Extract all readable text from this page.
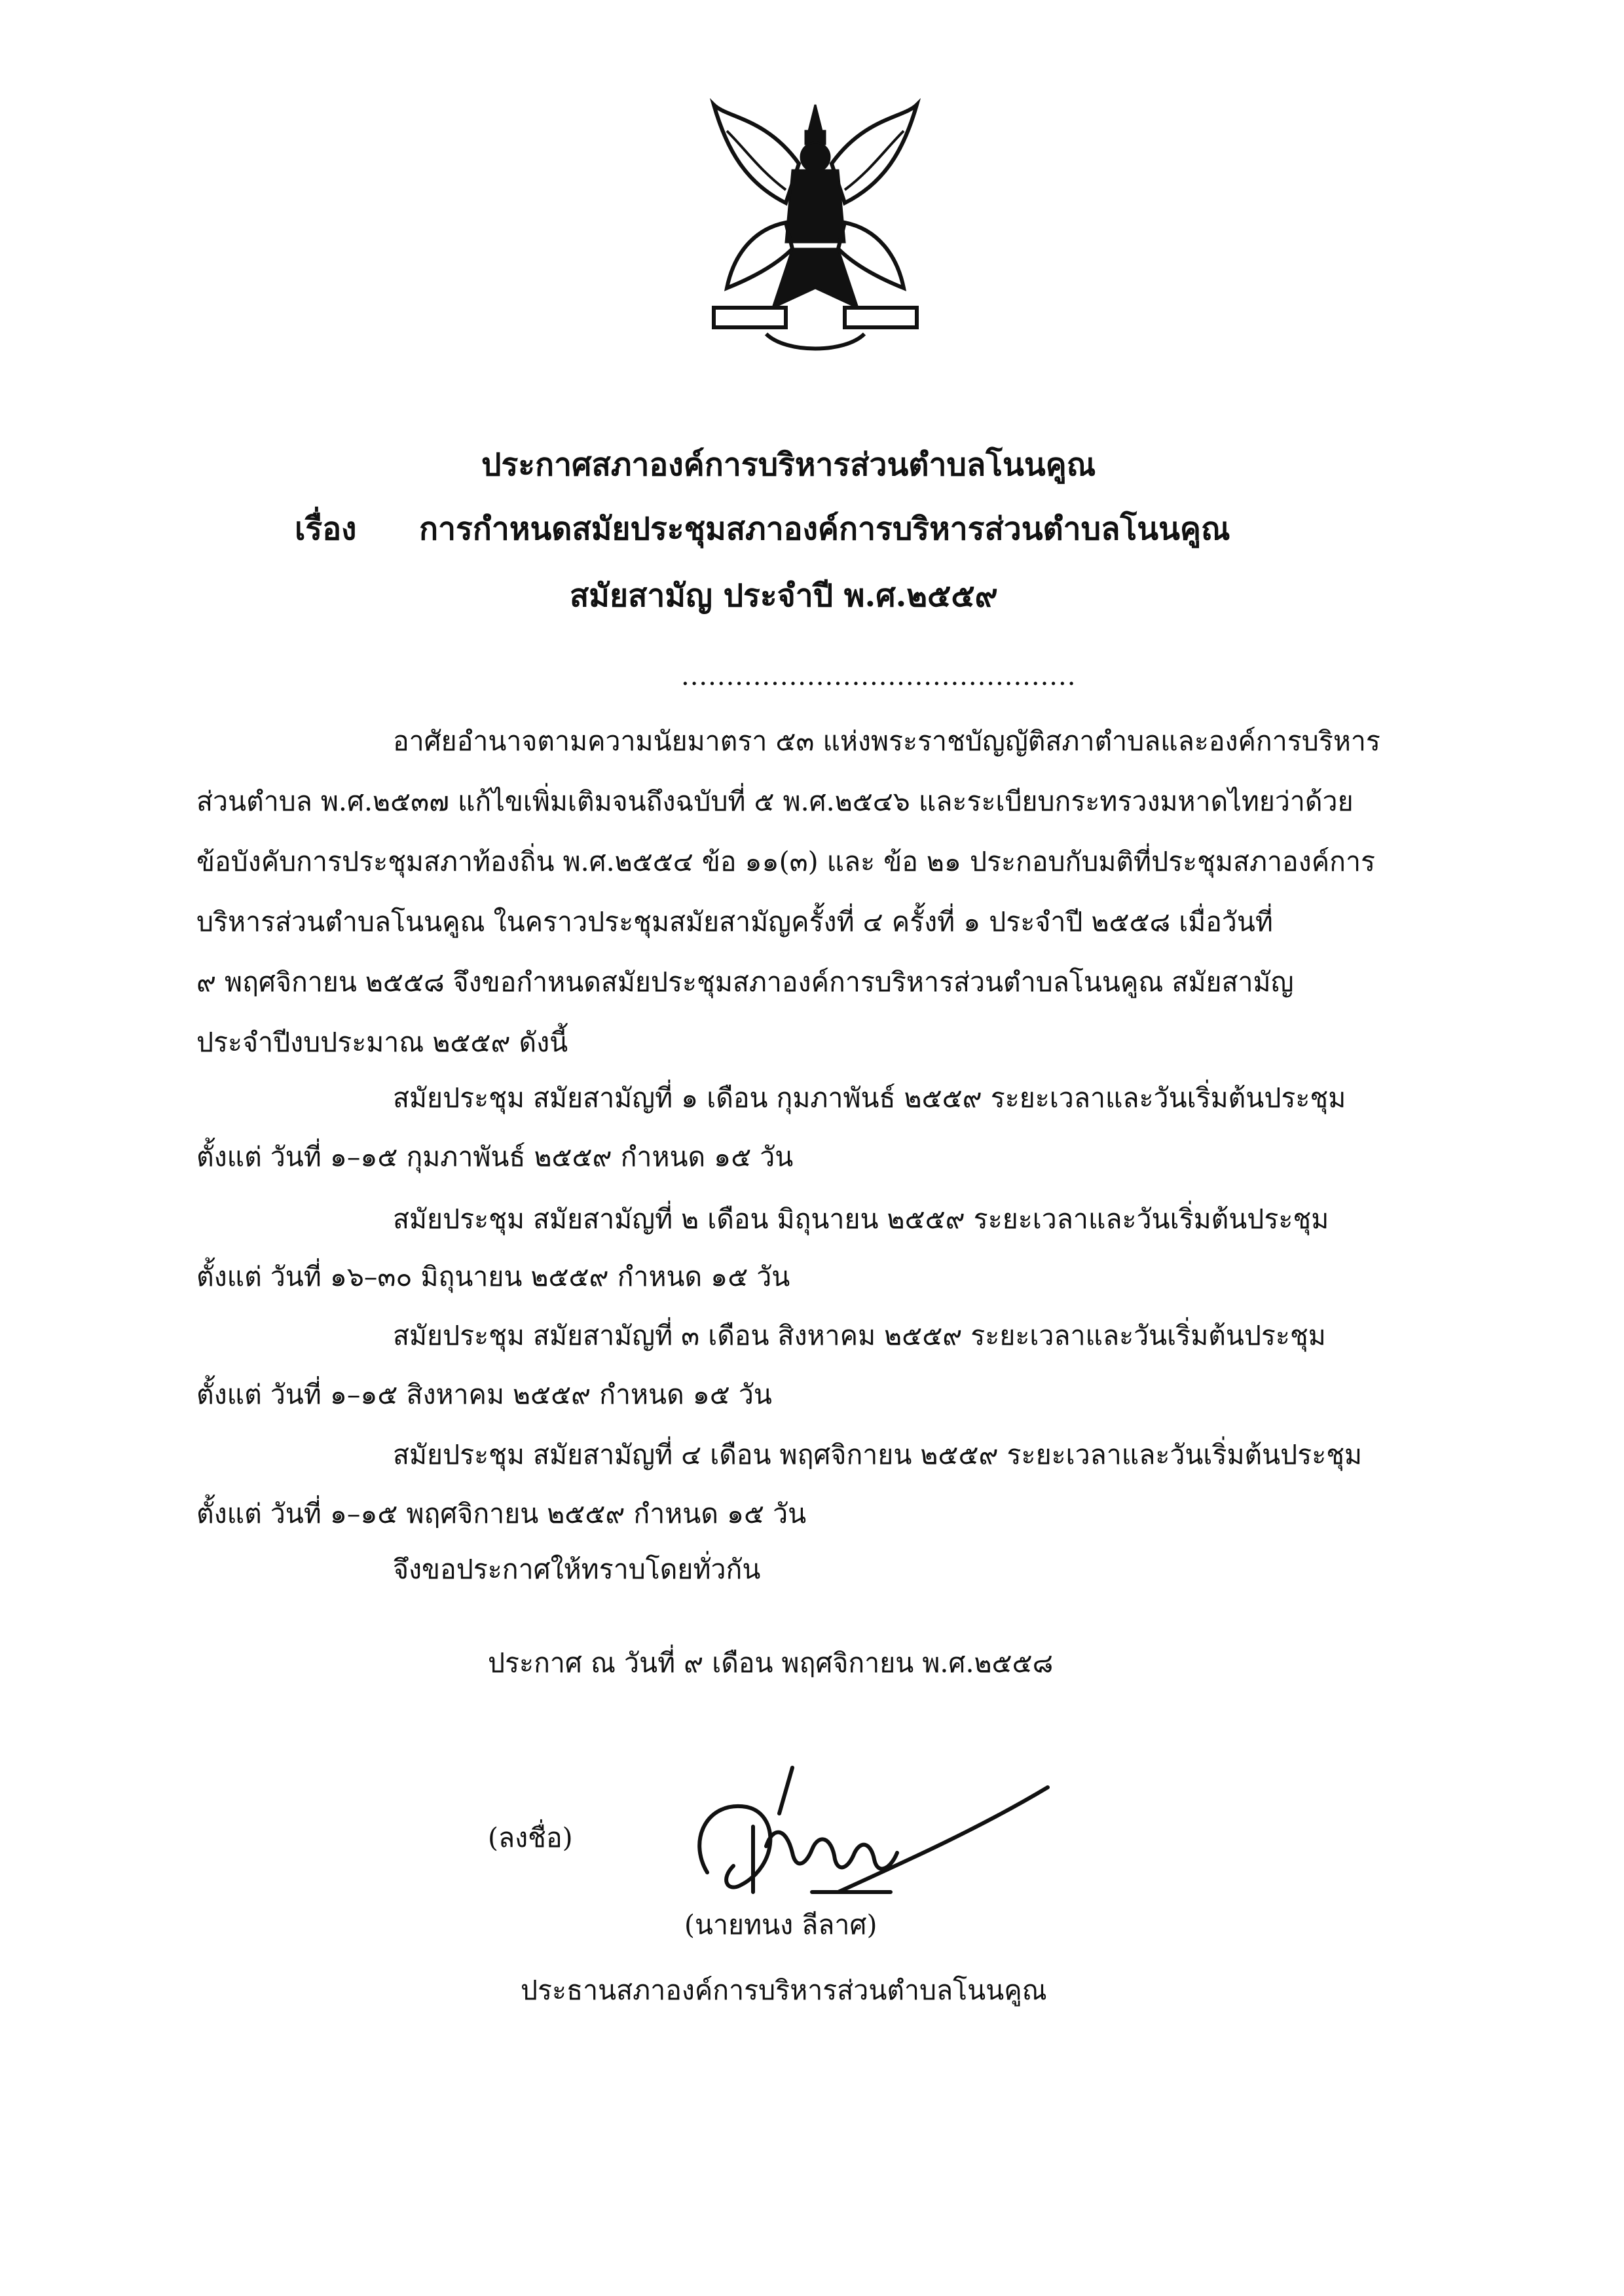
ประกาศสภาองค์การบริหารส่วนตำบลโนนคูณ
เรื่อง การกำหนดสมัยประชุมสภาองค์การบริหารส่วนตำบลโนนคูณ
สมัยสามัญ ประจำปี พ.ศ.๒๕๕๙
............................................
อาศัยอำนาจตามความนัยมาตรา ๕๓ แห่งพระราชบัญญัติสภาตำบลและองค์การบริหาร
ส่วนตำบล พ.ศ.๒๕๓๗ แก้ไขเพิ่มเติมจนถึงฉบับที่ ๕ พ.ศ.๒๕๔๖ และระเบียบกระทรวงมหาดไทยว่าด้วย
ข้อบังคับการประชุมสภาท้องถิ่น พ.ศ.๒๕๕๔ ข้อ ๑๑(๓) และ ข้อ ๒๑ ประกอบกับมติที่ประชุมสภาองค์การ
บริหารส่วนตำบลโนนคูณ ในคราวประชุมสมัยสามัญครั้งที่ ๔ ครั้งที่ ๑ ประจำปี ๒๕๕๘ เมื่อวันที่
๙ พฤศจิกายน ๒๕๕๘ จึงขอกำหนดสมัยประชุมสภาองค์การบริหารส่วนตำบลโนนคูณ สมัยสามัญ
ประจำปีงบประมาณ ๒๕๕๙ ดังนี้
สมัยประชุม สมัยสามัญที่ ๑ เดือน กุมภาพันธ์ ๒๕๕๙ ระยะเวลาและวันเริ่มต้นประชุม
ตั้งแต่ วันที่ ๑–๑๕ กุมภาพันธ์ ๒๕๕๙ กำหนด ๑๕ วัน
สมัยประชุม สมัยสามัญที่ ๒ เดือน มิถุนายน ๒๕๕๙ ระยะเวลาและวันเริ่มต้นประชุม
ตั้งแต่ วันที่ ๑๖–๓๐ มิถุนายน ๒๕๕๙ กำหนด ๑๕ วัน
สมัยประชุม สมัยสามัญที่ ๓ เดือน สิงหาคม ๒๕๕๙ ระยะเวลาและวันเริ่มต้นประชุม
ตั้งแต่ วันที่ ๑–๑๕ สิงหาคม ๒๕๕๙ กำหนด ๑๕ วัน
สมัยประชุม สมัยสามัญที่ ๔ เดือน พฤศจิกายน ๒๕๕๙ ระยะเวลาและวันเริ่มต้นประชุม
ตั้งแต่ วันที่ ๑–๑๕ พฤศจิกายน ๒๕๕๙ กำหนด ๑๕ วัน
จึงขอประกาศให้ทราบโดยทั่วกัน
ประกาศ ณ วันที่ ๙ เดือน พฤศจิกายน พ.ศ.๒๕๕๘
(ลงชื่อ)
(นายทนง ลีลาศ)
ประธานสภาองค์การบริหารส่วนตำบลโนนคูณ
